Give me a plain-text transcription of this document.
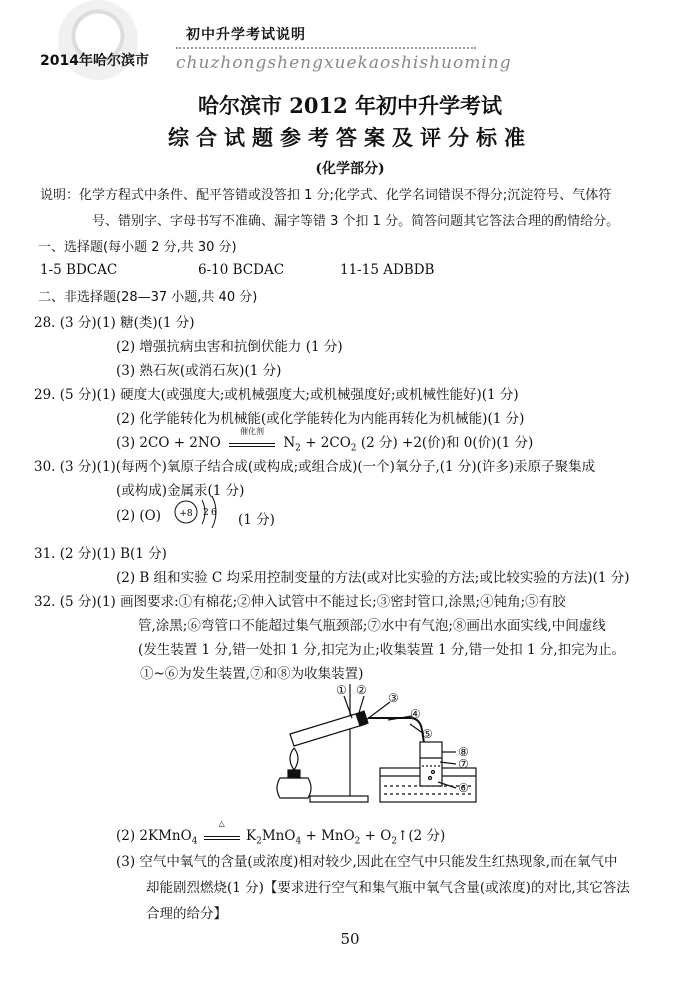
2014年哈尔滨市
初中升学考试说明
chuzhongshengxuekaoshishuoming
哈尔滨市 2012 年初中升学考试
综合试题参考答案及评分标准
(化学部分)
说明：化学方程式中条件、配平答错或没答扣 1 分;化学式、化学名词错误不得分;沉淀符号、气体符
号、错别字、字母书写不准确、漏字等错 3 个扣 1 分。简答问题其它答法合理的酌情给分。
一、选择题(每小题 2 分,共 30 分)
1-5 BDCAC	6-10 BCDAC	11-15 ADBDB
二、非选择题(28—37 小题,共 40 分)
28. (3 分)(1) 糖(类)(1 分)
(2) 增强抗病虫害和抗倒伏能力 (1 分)
(3) 熟石灰(或消石灰)(1 分)
29. (5 分)(1) 硬度大(或强度大;或机械强度大;或机械强度好;或机械性能好)(1 分)
(2) 化学能转化为机械能(或化学能转化为内能再转化为机械能)(1 分)
(3) 2CO + 2NO
催化剂
$N_2 + 2CO_2$ (2 分) +2(价)和 0(价)(1 分)
30. (3 分)(1)(每两个)氧原子结合成(或构成;或组合成)(一个)氧分子,(1 分)(许多)汞原子聚集成
(或构成)金属汞(1 分)
(2) (O) +8 2 6 (1 分)
31. (2 分)(1) B(1 分)
(2) B 组和实验 C 均采用控制变量的方法(或对比实验的方法;或比较实验的方法)(1 分)
32. (5 分)(1) 画图要求:①有棉花;②伸入试管中不能过长;③密封管口,涂黑;④钝角;⑤有胶
管,涂黑;⑥弯管口不能超过集气瓶颈部;⑦水中有气泡;⑧画出水面实线,中间虚线
(发生装置 1 分,错一处扣 1 分,扣完为止;收集装置 1 分,错一处扣 1 分,扣完为止。
①~⑥为发生装置,⑦和⑧为收集装置)
① ②
③
④
⑤
⑥
⑦
⑧
(2) 2KMnO$_4$
△
$K_2MnO_4 + MnO_2$ + $O_2↑(2$ 分)
(3) 空气中氧气的含量(或浓度)相对较少,因此在空气中只能发生红热现象,而在氧气中
却能剧烈燃烧(1 分)【要求进行空气和集气瓶中氧气含量(或浓度)的对比,其它答法
合理的给分】
50
